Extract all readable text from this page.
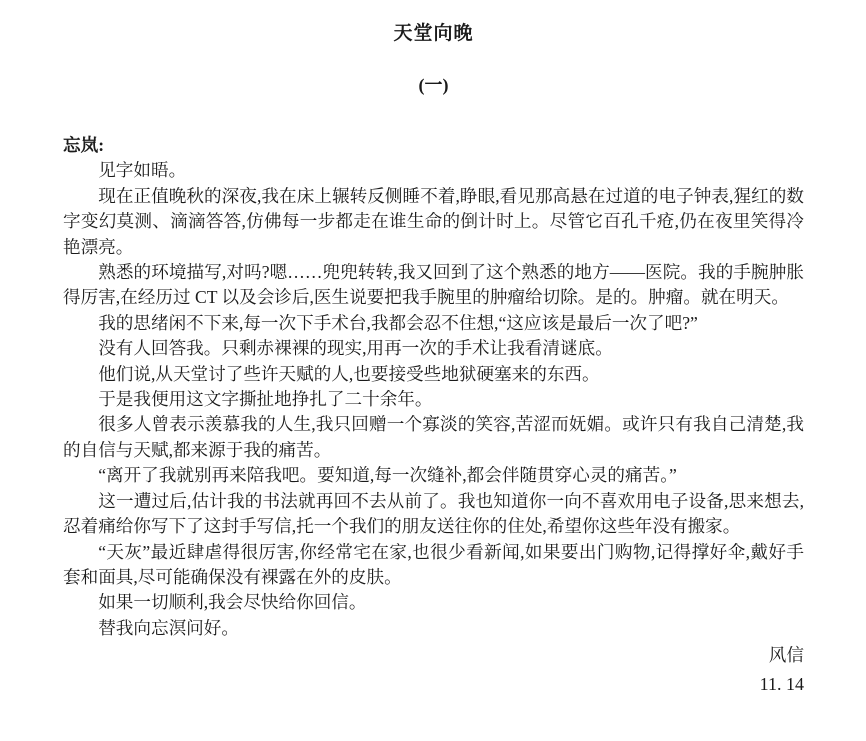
天堂向晚
(一)

忘岚:

见字如晤。

现在正值晚秋的深夜,我在床上辗转反侧睡不着,睁眼,看见那高悬在过道的电子钟表,猩红的数字变幻莫测、滴滴答答,仿佛每一步都走在谁生命的倒计时上。尽管它百孔千疮,仍在夜里笑得冷艳漂亮。

熟悉的环境描写,对吗?嗯……兜兜转转,我又回到了这个熟悉的地方——医院。我的手腕肿胀得厉害,在经历过 CT 以及会诊后,医生说要把我手腕里的肿瘤给切除。是的。肿瘤。就在明天。

我的思绪闲不下来,每一次下手术台,我都会忍不住想,“这应该是最后一次了吧?”

没有人回答我。只剩赤裸裸的现实,用再一次的手术让我看清谜底。

他们说,从天堂讨了些许天赋的人,也要接受些地狱硬塞来的东西。

于是我便用这文字撕扯地挣扎了二十余年。

很多人曾表示羡慕我的人生,我只回赠一个寡淡的笑容,苦涩而妩媚。或许只有我自己清楚,我的自信与天赋,都来源于我的痛苦。

“离开了我就别再来陪我吧。要知道,每一次缝补,都会伴随贯穿心灵的痛苦。”

这一遭过后,估计我的书法就再回不去从前了。我也知道你一向不喜欢用电子设备,思来想去,忍着痛给你写下了这封手写信,托一个我们的朋友送往你的住处,希望你这些年没有搬家。

“天灰”最近肆虐得很厉害,你经常宅在家,也很少看新闻,如果要出门购物,记得撑好伞,戴好手套和面具,尽可能确保没有裸露在外的皮肤。

如果一切顺利,我会尽快给你回信。

替我向忘溟问好。

风信

11. 14
